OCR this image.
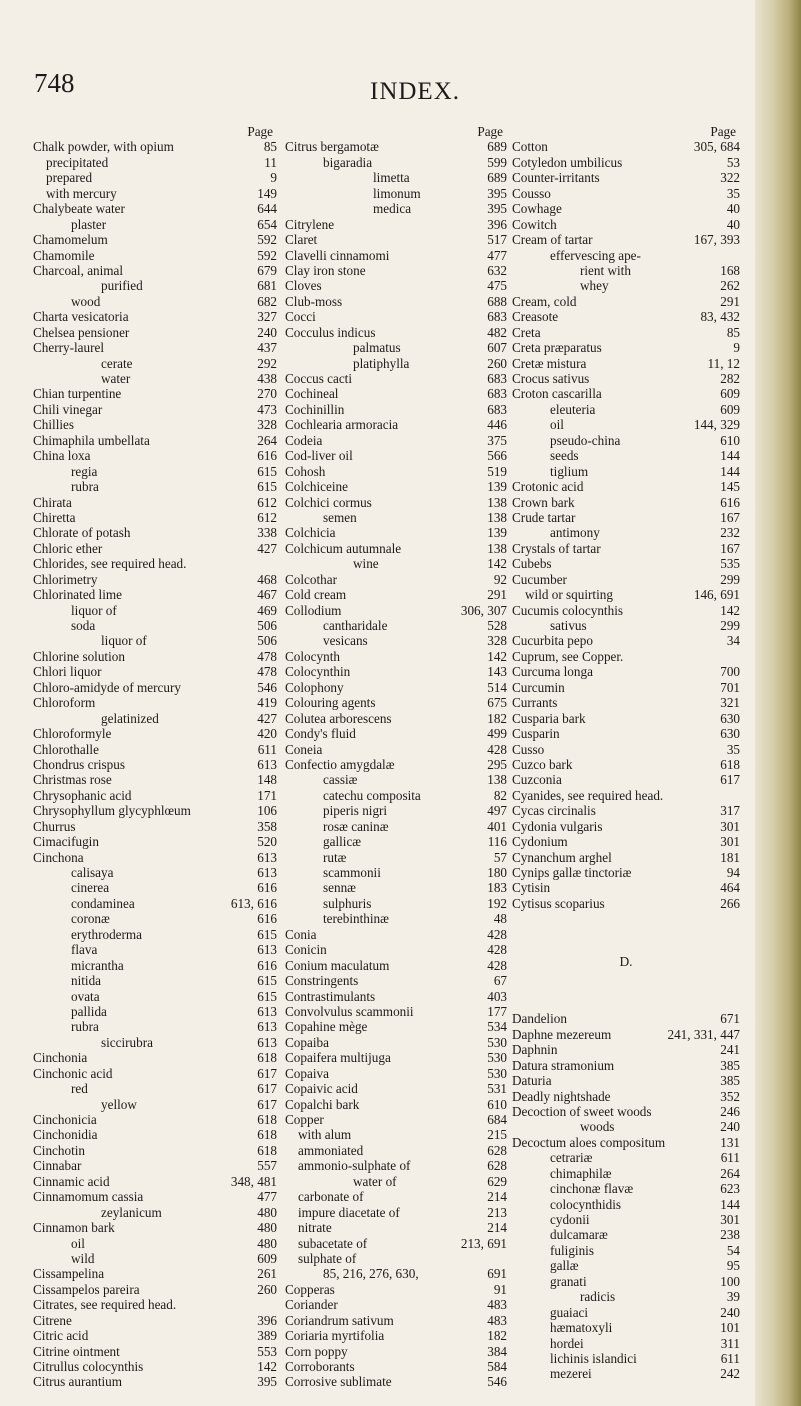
748	INDEX.
Page
Chalk powder, with opium	85
precipitated	11
prepared	9
with mercury	149
Chalybeate water	644
plaster	654
Chamomelum	592
Chamomile	592
Charcoal, animal	679
purified	681
wood	682
Charta vesicatoria	327
Chelsea pensioner	240
Cherry-laurel	437
cerate	292
water	438
Chian turpentine	270
Chili vinegar	473
Chillies	328
Chimaphila umbellata	264
China loxa	616
regia	615
rubra	615
Chirata	612
Chiretta	612
Chlorate of potash	338
Chloric ether	427
Chlorides, see required head.
Chlorimetry	468
Chlorinated lime	467
liquor of	469
soda	506
liquor of	506
Chlorine solution	478
Chlori liquor	478
Chloro-amidyde of mercury	546
Chloroform	419
gelatinized	427
Chloroformyle	420
Chlorothalle	611
Chondrus crispus	613
Christmas rose	148
Chrysophanic acid	171
Chrysophyllum glycyphlœum	106
Churrus	358
Cimacifugin	520
Cinchona	613
calisaya	613
cinerea	616
condaminea	613, 616
coronæ	616
erythroderma	615
flava	613
micrantha	616
nitida	615
ovata	615
pallida	613
rubra	613
siccirubra	613
Cinchonia	618
Cinchonic acid	617
red	617
yellow	617
Cinchonicia	618
Cinchonidia	618
Cinchotin	618
Cinnabar	557
Cinnamic acid	348, 481
Cinnamomum cassia	477
zeylanicum	480
Cinnamon bark	480
oil	480
wild	609
Cissampelina	261
Cissampelos pareira	260
Citrates, see required head.
Citrene	396
Citric acid	389
Citrine ointment	553
Citrullus colocynthis	142
Citrus aurantium	395
Page
Citrus bergamotæ	689
bigaradia	599
limetta	689
limonum	395
medica	395
Citrylene	396
Claret	517
Clavelli cinnamomi	477
Clay iron stone	632
Cloves	475
Club-moss	688
Cocci	683
Cocculus indicus	482
palmatus	607
platiphylla	260
Coccus cacti	683
Cochineal	683
Cochinillin	683
Cochlearia armoracia	446
Codeia	375
Cod-liver oil	566
Cohosh	519
Colchiceine	139
Colchici cormus	138
semen	138
Colchicia	139
Colchicum autumnale	138
wine	142
Colcothar	92
Cold cream	291
Collodium	306, 307
cantharidale	528
vesicans	328
Colocynth	142
Colocynthin	143
Colophony	514
Colouring agents	675
Colutea arborescens	182
Condy's fluid	499
Coneia	428
Confectio amygdalæ	295
cassiæ	138
catechu composita	82
piperis nigri	497
rosæ caninæ	401
gallicæ	116
rutæ	57
scammonii	180
sennæ	183
sulphuris	192
terebinthinæ	48
Conia	428
Conicin	428
Conium maculatum	428
Constringents	67
Contrastimulants	403
Convolvulus scammonii	177
Copahine mège	534
Copaiba	530
Copaifera multijuga	530
Copaiva	530
Copaivic acid	531
Copalchi bark	610
Copper	684
with alum	215
ammoniated	628
ammonio-sulphate of	628
water of	629
carbonate of	214
impure diacetate of	213
nitrate	214
subacetate of	213, 691
sulphate of
85, 216, 276, 630,	691
Copperas	91
Coriander	483
Coriandrum sativum	483
Coriaria myrtifolia	182
Corn poppy	384
Corroborants	584
Corrosive sublimate	546
Page
Cotton	305, 684
Cotyledon umbilicus	53
Counter-irritants	322
Cousso	35
Cowhage	40
Cowitch	40
Cream of tartar	167, 393
effervescing ape-
rient with	168
whey	262
Cream, cold	291
Creasote	83, 432
Creta	85
Creta præparatus	9
Cretæ mistura	11, 12
Crocus sativus	282
Croton cascarilla	609
eleuteria	609
oil	144, 329
pseudo-china	610
seeds	144
tiglium	144
Crotonic acid	145
Crown bark	616
Crude tartar	167
antimony	232
Crystals of tartar	167
Cubebs	535
Cucumber	299
wild or squirting	146, 691
Cucumis colocynthis	142
sativus	299
Cucurbita pepo	34
Cuprum, see Copper.
Curcuma longa	700
Curcumin	701
Currants	321
Cusparia bark	630
Cusparin	630
Cusso	35
Cuzco bark	618
Cuzconia	617
Cyanides, see required head.
Cycas circinalis	317
Cydonia vulgaris	301
Cydonium	301
Cynanchum arghel	181
Cynips gallæ tinctoriæ	94
Cytisin	464
Cytisus scoparius	266
D.
Dandelion	671
Daphne mezereum	241, 331, 447
Daphnin	241
Datura stramonium	385
Daturia	385
Deadly nightshade	352
Decoction of sweet woods	246
woods	240
Decoctum aloes compositum	131
cetrariæ	611
chimaphilæ	264
cinchonæ flavæ	623
colocynthidis	144
cydonii	301
dulcamaræ	238
fuliginis	54
gallæ	95
granati	100
radicis	39
guaiaci	240
hæmatoxyli	101
hordei	311
lichinis islandici	611
mezerei	242
